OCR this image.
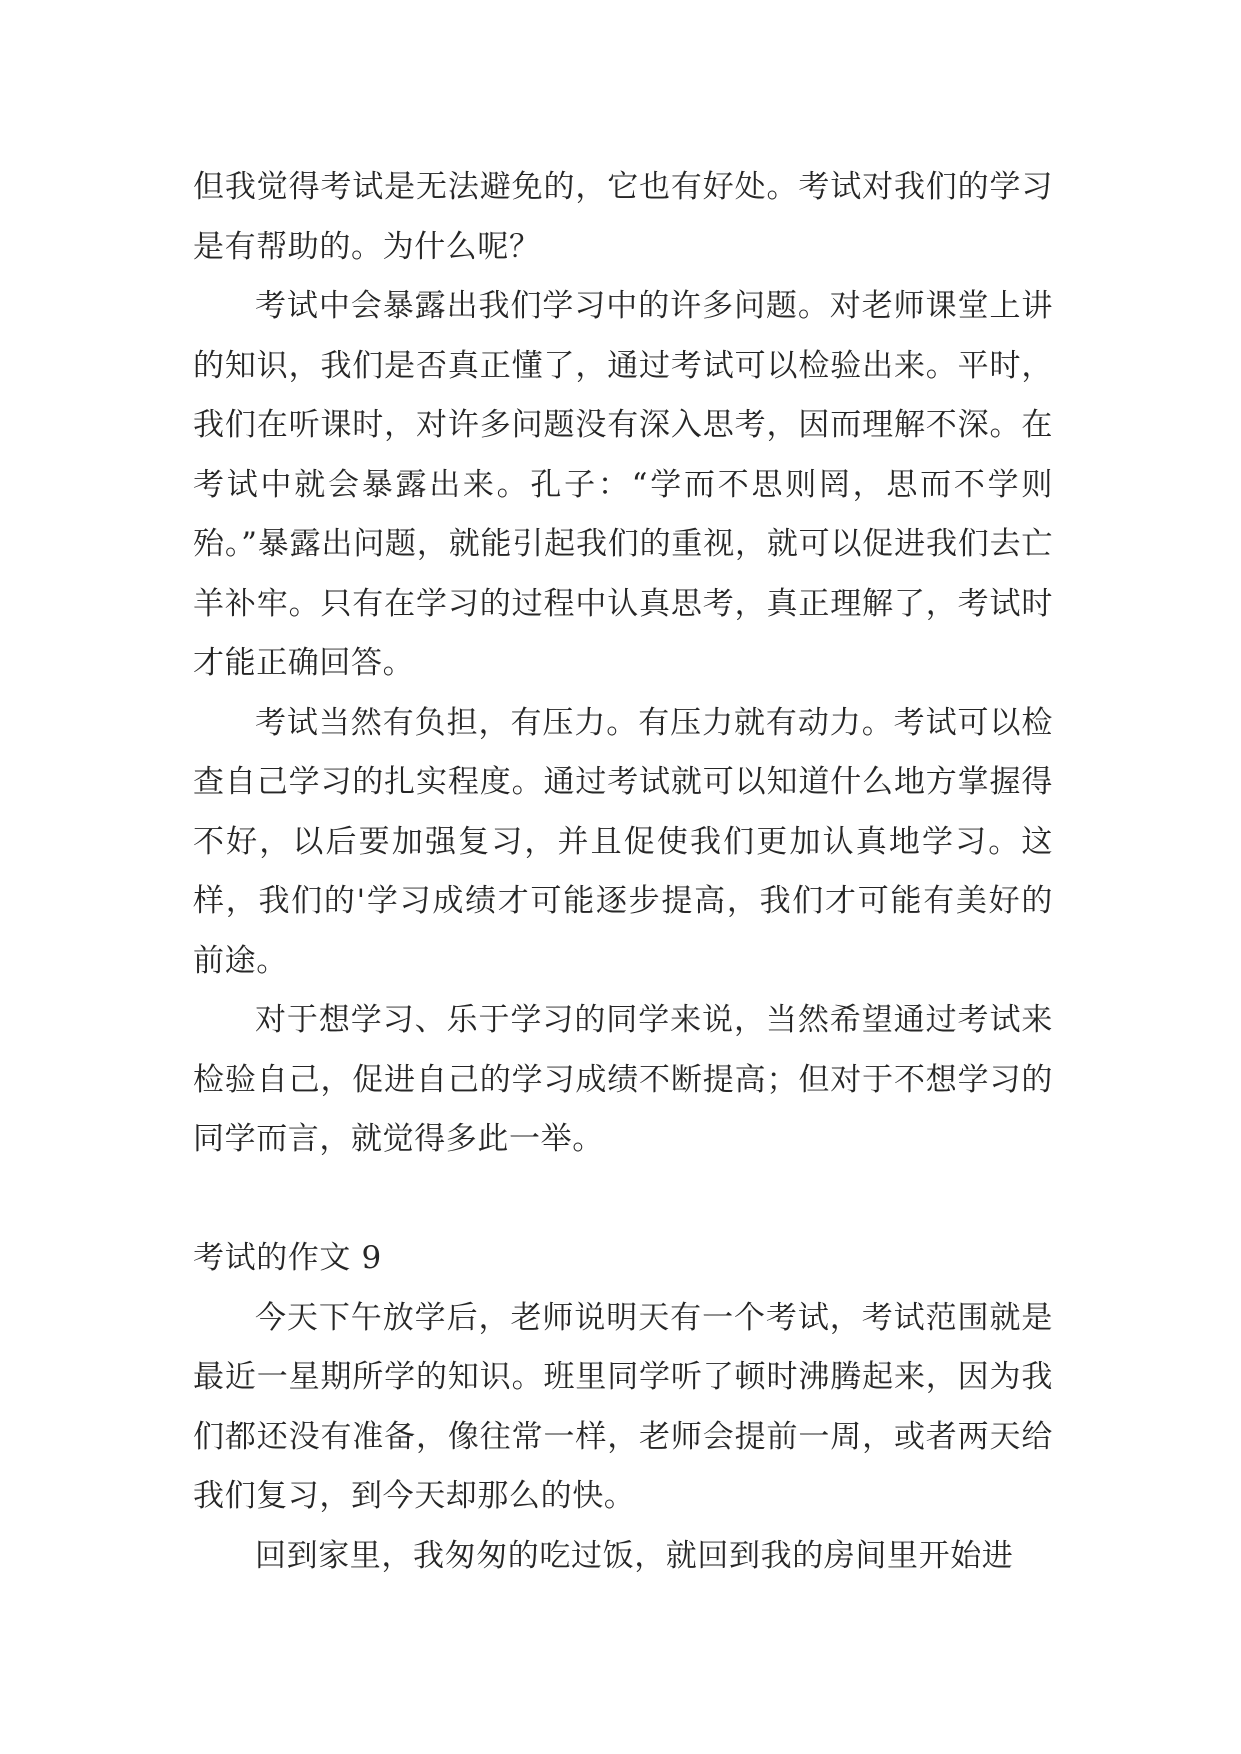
但我觉得考试是无法避免的，它也有好处。考试对我们的学习是有帮助的。为什么呢？

考试中会暴露出我们学习中的许多问题。对老师课堂上讲的知识，我们是否真正懂了，通过考试可以检验出来。平时，我们在听课时，对许多问题没有深入思考，因而理解不深。在考试中就会暴露出来。孔子：“学而不思则罔，思而不学则殆。”暴露出问题，就能引起我们的重视，就可以促进我们去亡羊补牢。只有在学习的过程中认真思考，真正理解了，考试时才能正确回答。

考试当然有负担，有压力。有压力就有动力。考试可以检查自己学习的扎实程度。通过考试就可以知道什么地方掌握得不好，以后要加强复习，并且促使我们更加认真地学习。这样，我们的'学习成绩才可能逐步提高，我们才可能有美好的前途。

对于想学习、乐于学习的同学来说，当然希望通过考试来检验自己，促进自己的学习成绩不断提高；但对于不想学习的同学而言，就觉得多此一举。

考试的作文 9

今天下午放学后，老师说明天有一个考试，考试范围就是最近一星期所学的知识。班里同学听了顿时沸腾起来，因为我们都还没有准备，像往常一样，老师会提前一周，或者两天给我们复习，到今天却那么的快。

回到家里，我匆匆的吃过饭，就回到我的房间里开始进
